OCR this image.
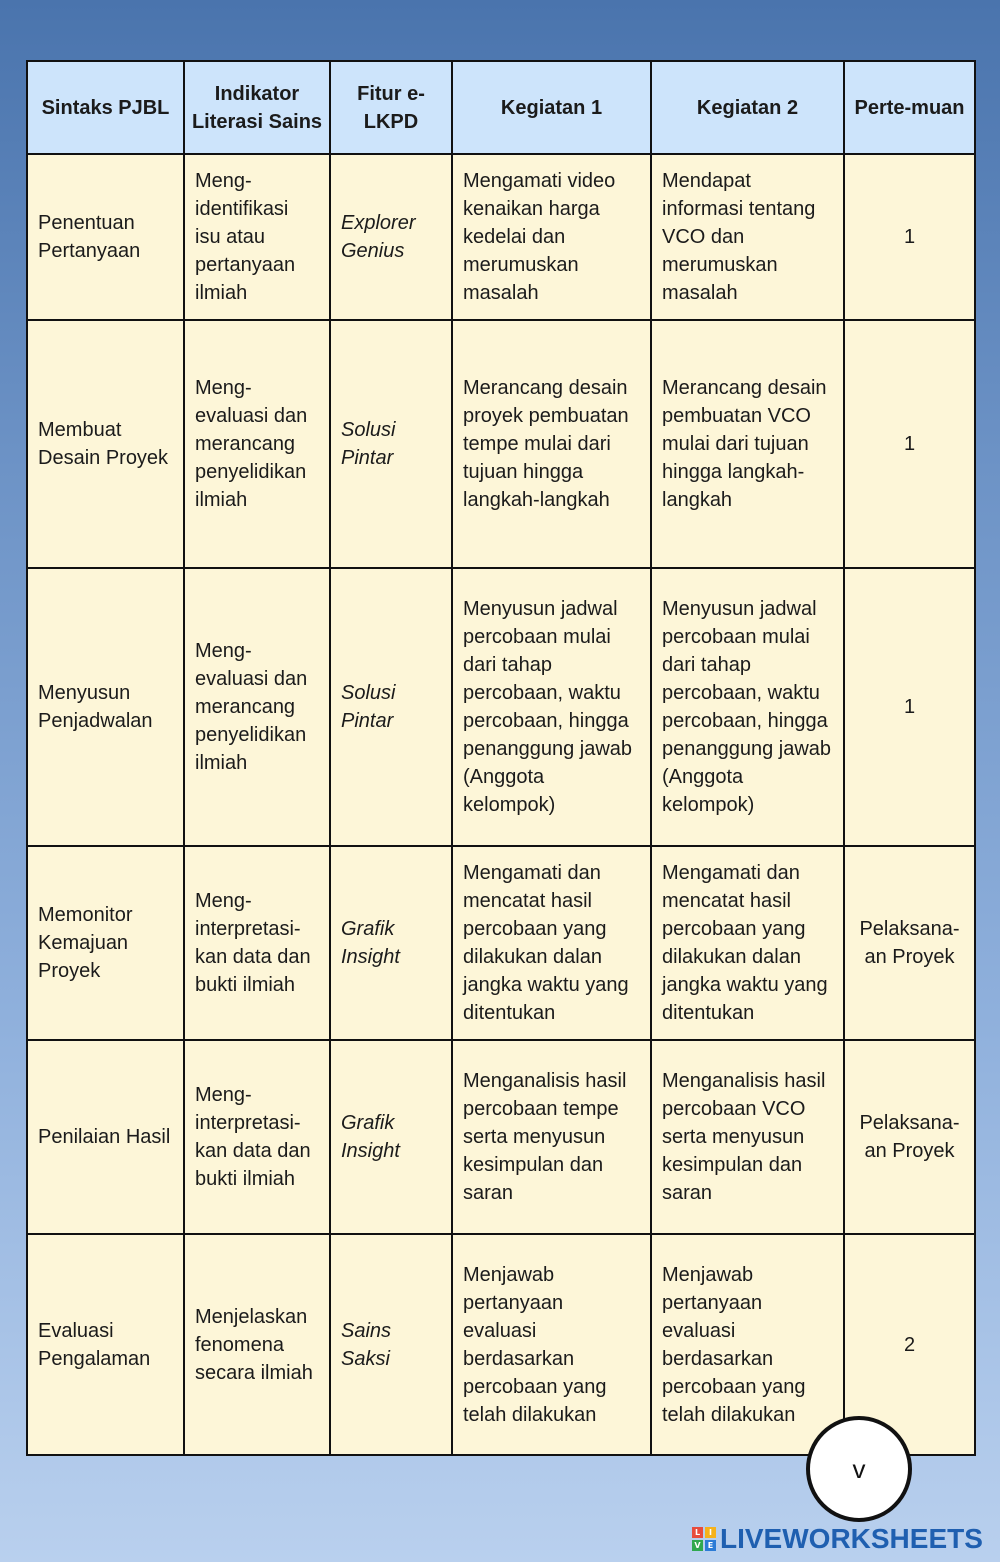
Sintaks PJBL	Indikator Literasi Sains	Fitur e-LKPD	Kegiatan 1	Kegiatan 2	Perte-muan
Penentuan Pertanyaan	Meng-identifikasi isu atau pertanyaan ilmiah	Explorer Genius	Mengamati video kenaikan harga kedelai dan merumuskan masalah	Mendapat informasi tentang VCO dan merumuskan masalah	1
Membuat Desain Proyek	Meng-evaluasi dan merancang penyelidikan ilmiah	Solusi Pintar	Merancang desain proyek pembuatan tempe mulai dari tujuan hingga langkah-langkah	Merancang desain pembuatan VCO mulai dari tujuan hingga langkah-langkah	1
Menyusun Penjadwalan	Meng-evaluasi dan merancang penyelidikan ilmiah	Solusi Pintar	Menyusun jadwal percobaan mulai dari tahap percobaan, waktu percobaan, hingga penanggung jawab (Anggota kelompok)	Menyusun jadwal percobaan mulai dari tahap percobaan, waktu percobaan, hingga penanggung jawab (Anggota kelompok)	1
Memonitor Kemajuan Proyek	Meng-interpretasi-kan data dan bukti ilmiah	Grafik Insight	Mengamati dan mencatat hasil percobaan yang dilakukan dalan jangka waktu yang ditentukan	Mengamati dan mencatat hasil percobaan yang dilakukan dalan jangka waktu yang ditentukan	Pelaksana-an Proyek
Penilaian Hasil	Meng-interpretasi-kan data dan bukti ilmiah	Grafik Insight	Menganalisis hasil percobaan tempe serta menyusun kesimpulan dan saran	Menganalisis hasil percobaan VCO serta menyusun kesimpulan dan saran	Pelaksana-an Proyek
Evaluasi Pengalaman	Menjelaskan fenomena secara ilmiah	Sains Saksi	Menjawab pertanyaan evaluasi berdasarkan percobaan yang telah dilakukan	Menjawab pertanyaan evaluasi berdasarkan percobaan yang telah dilakukan	2
v
L	I
V E LIVEWORKSHEETS
